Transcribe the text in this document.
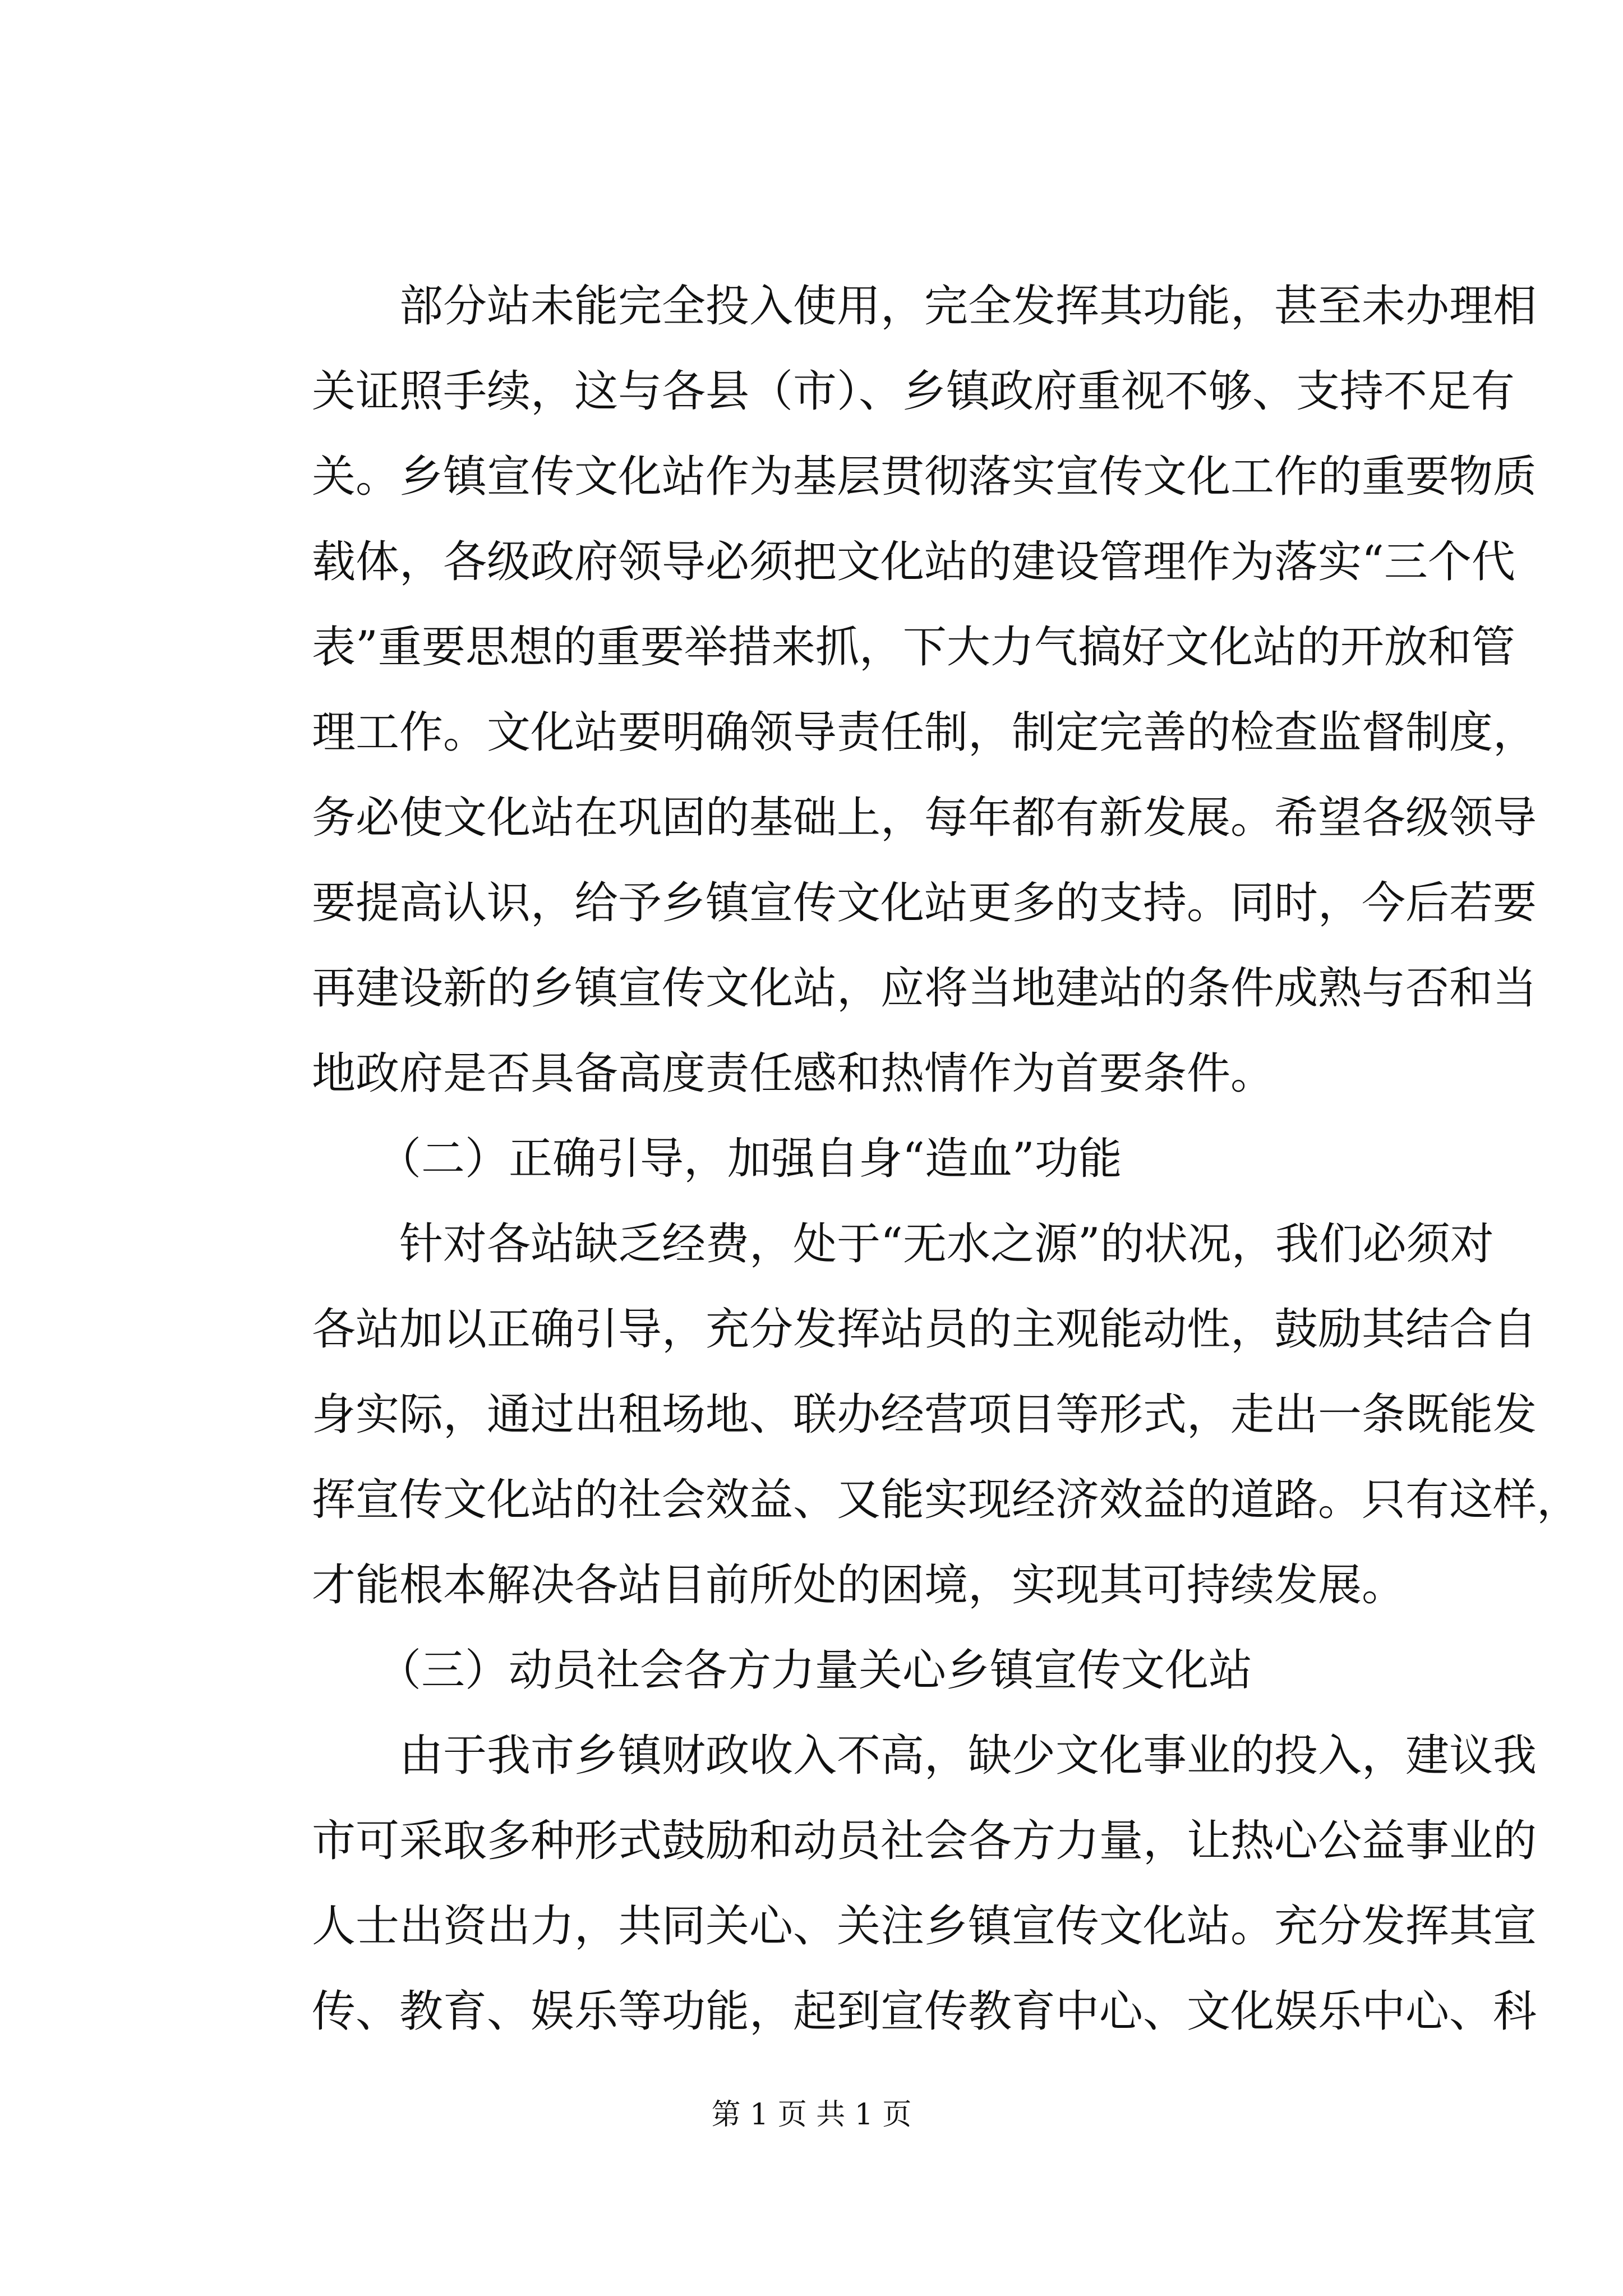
　　部分站未能完全投入使用，完全发挥其功能，甚至未办理相
关证照手续，这与各县（市）、乡镇政府重视不够、支持不足有
关。乡镇宣传文化站作为基层贯彻落实宣传文化工作的重要物质
载体，各级政府领导必须把文化站的建设管理作为落实“三个代
表”重要思想的重要举措来抓，下大力气搞好文化站的开放和管
理工作。文化站要明确领导责任制，制定完善的检查监督制度，
务必使文化站在巩固的基础上，每年都有新发展。希望各级领导
要提高认识，给予乡镇宣传文化站更多的支持。同时，今后若要
再建设新的乡镇宣传文化站，应将当地建站的条件成熟与否和当
地政府是否具备高度责任感和热情作为首要条件。
　　（二）正确引导，加强自身“造血”功能
　　针对各站缺乏经费，处于“无水之源”的状况，我们必须对
各站加以正确引导，充分发挥站员的主观能动性，鼓励其结合自
身实际，通过出租场地、联办经营项目等形式，走出一条既能发
挥宣传文化站的社会效益、又能实现经济效益的道路。只有这样，
才能根本解决各站目前所处的困境，实现其可持续发展。
　　（三）动员社会各方力量关心乡镇宣传文化站
　　由于我市乡镇财政收入不高，缺少文化事业的投入，建议我
市可采取多种形式鼓励和动员社会各方力量，让热心公益事业的
人士出资出力，共同关心、关注乡镇宣传文化站。充分发挥其宣
传、教育、娱乐等功能，起到宣传教育中心、文化娱乐中心、科
第 1 页 共 1 页
